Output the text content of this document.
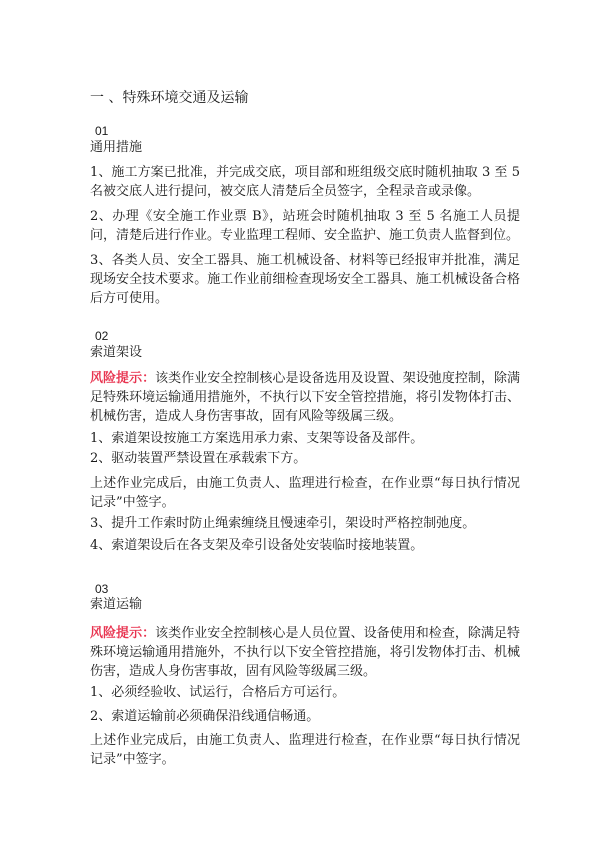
一 、特殊环境交通及运输
01
通用措施
1、施工方案已批准，并完成交底，项目部和班组级交底时随机抽取 3 至 5 名被交底人进行提问，被交底人清楚后全员签字，全程录音或录像。
2、办理《安全施工作业票 B》，站班会时随机抽取 3 至 5 名施工人员提问，清楚后进行作业。专业监理工程师、安全监护、施工负责人监督到位。
3、各类人员、安全工器具、施工机械设备、材料等已经报审并批准，满足现场安全技术要求。施工作业前细检查现场安全工器具、施工机械设备合格后方可使用。
02
索道架设
风险提示：该类作业安全控制核心是设备选用及设置、架设弛度控制，除满足特殊环境运输通用措施外，不执行以下安全管控措施，将引发物体打击、机械伤害，造成人身伤害事故，固有风险等级属三级。
1、索道架设按施工方案选用承力索、支架等设备及部件。
2、驱动装置严禁设置在承载索下方。
上述作业完成后，由施工负责人、监理进行检查，在作业票“每日执行情况记录”中签字。
3、提升工作索时防止绳索缠绕且慢速牵引，架设时严格控制弛度。
4、索道架设后在各支架及牵引设备处安装临时接地装置。
03
索道运输
风险提示：该类作业安全控制核心是人员位置、设备使用和检查，除满足特殊环境运输通用措施外，不执行以下安全管控措施，将引发物体打击、机械伤害，造成人身伤害事故，固有风险等级属三级。
1、必须经验收、试运行，合格后方可运行。
2、索道运输前必须确保沿线通信畅通。
上述作业完成后，由施工负责人、监理进行检查，在作业票“每日执行情况记录”中签字。
